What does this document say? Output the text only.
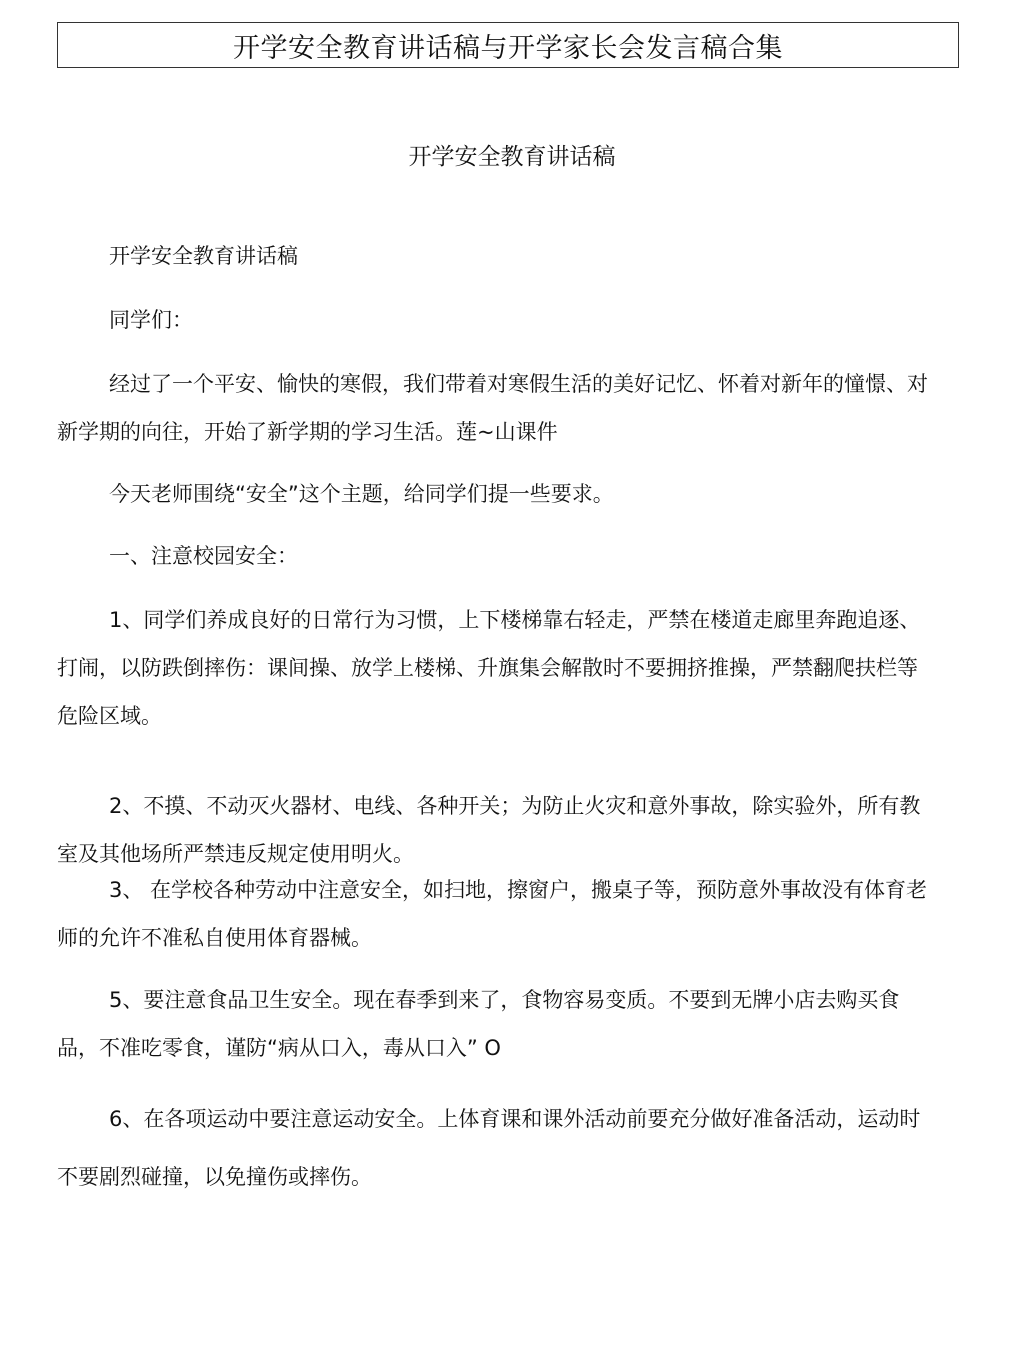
开学安全教育讲话稿与开学家长会发言稿合集
开学安全教育讲话稿

开学安全教育讲话稿

同学们：

经过了一个平安、愉快的寒假，我们带着对寒假生活的美好记忆、怀着对新年的憧憬、对新学期的向往，开始了新学期的学习生活。莲~山课件

今天老师围绕“安全”这个主题，给同学们提一些要求。

一、注意校园安全：

1、同学们养成良好的日常行为习惯，上下楼梯靠右轻走，严禁在楼道走廊里奔跑追逐、打闹，以防跌倒摔伤：课间操、放学上楼梯、升旗集会解散时不要拥挤推操，严禁翻爬扶栏等危险区域。

2、不摸、不动灭火器材、电线、各种开关；为防止火灾和意外事故，除实验外，所有教室及其他场所严禁违反规定使用明火。

3、 在学校各种劳动中注意安全，如扫地，擦窗户，搬桌子等，预防意外事故没有体育老师的允许不准私自使用体育器械。

5、要注意食品卫生安全。现在春季到来了，食物容易变质。不要到无牌小店去购买食品，不准吃零食，谨防“病从口入，毒从口入” O

6、在各项运动中要注意运动安全。上体育课和课外活动前要充分做好准备活动，运动时不要剧烈碰撞，以免撞伤或摔伤。
